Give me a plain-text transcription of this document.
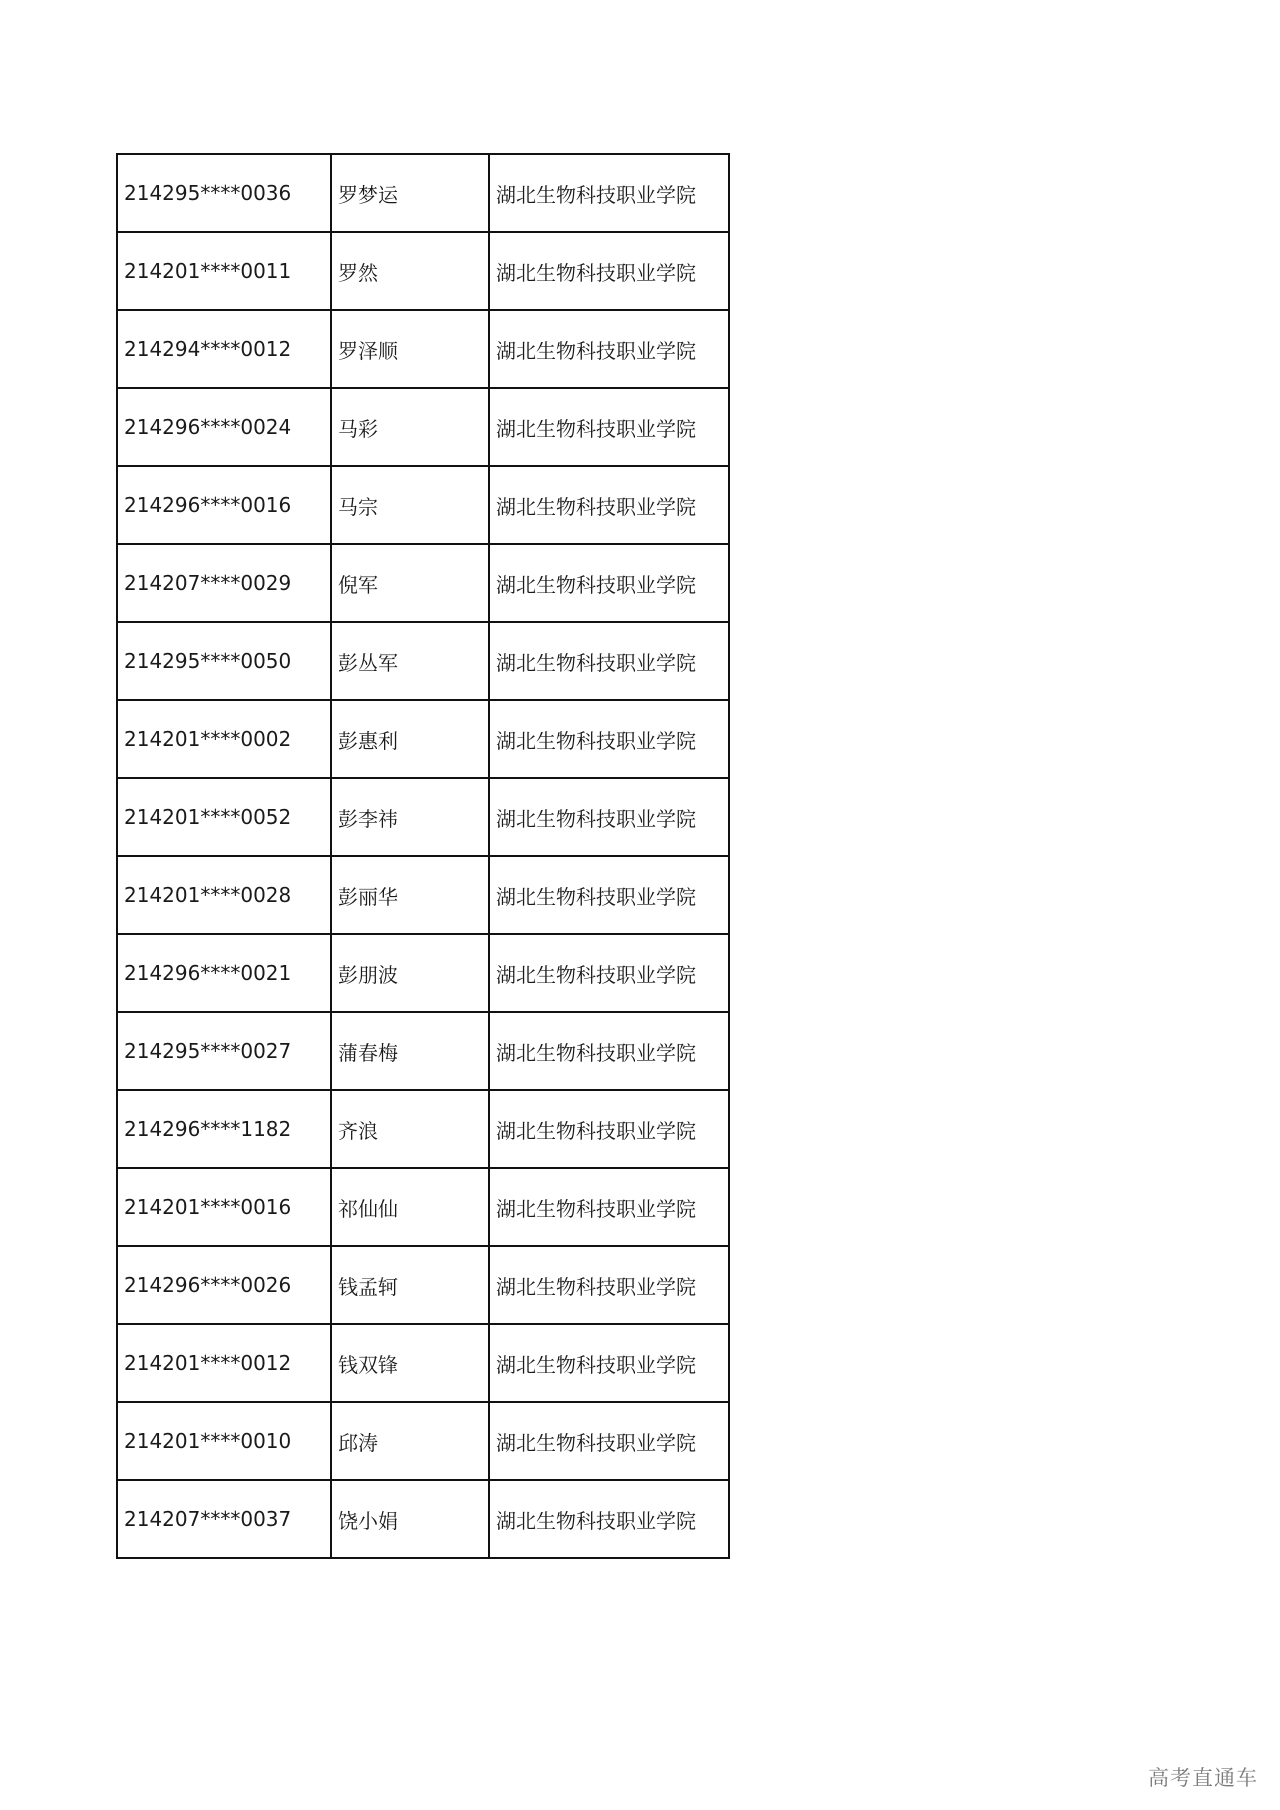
214295****0036	罗梦运	湖北生物科技职业学院
214201****0011	罗然	湖北生物科技职业学院
214294****0012	罗泽顺	湖北生物科技职业学院
214296****0024	马彩	湖北生物科技职业学院
214296****0016	马宗	湖北生物科技职业学院
214207****0029	倪军	湖北生物科技职业学院
214295****0050	彭丛军	湖北生物科技职业学院
214201****0002	彭惠利	湖北生物科技职业学院
214201****0052	彭李祎	湖北生物科技职业学院
214201****0028	彭丽华	湖北生物科技职业学院
214296****0021	彭朋波	湖北生物科技职业学院
214295****0027	蒲春梅	湖北生物科技职业学院
214296****1182	齐浪	湖北生物科技职业学院
214201****0016	祁仙仙	湖北生物科技职业学院
214296****0026	钱孟轲	湖北生物科技职业学院
214201****0012	钱双锋	湖北生物科技职业学院
214201****0010	邱涛	湖北生物科技职业学院
214207****0037	饶小娟	湖北生物科技职业学院
高考直通车
